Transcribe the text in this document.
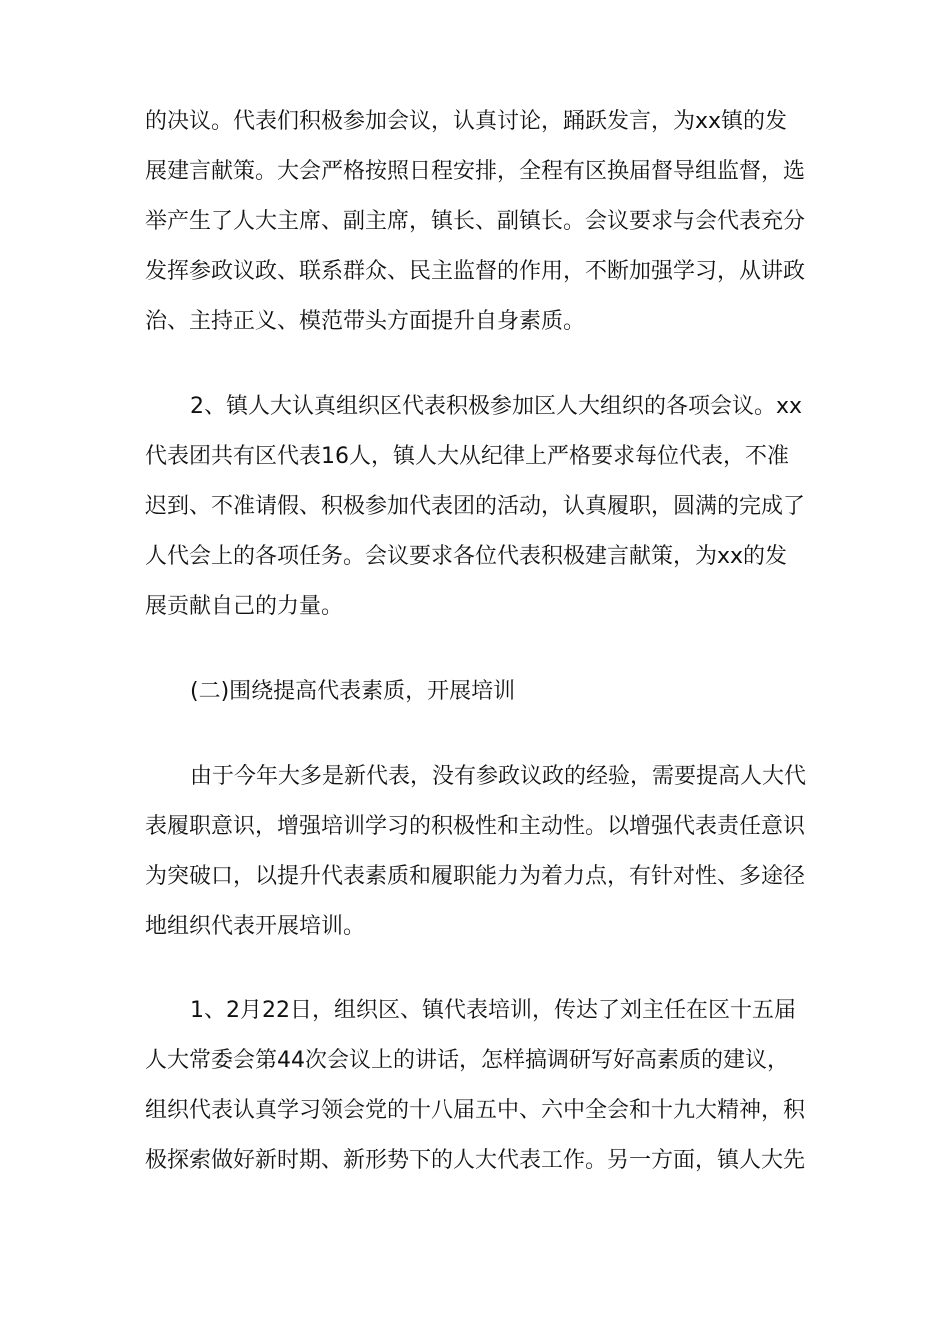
的决议。代表们积极参加会议，认真讨论，踊跃发言，为xx镇的发
展建言献策。大会严格按照日程安排，全程有区换届督导组监督，选
举产生了人大主席、副主席，镇长、副镇长。会议要求与会代表充分
发挥参政议政、联系群众、民主监督的作用，不断加强学习，从讲政
治、主持正义、模范带头方面提升自身素质。
2、镇人大认真组织区代表积极参加区人大组织的各项会议。xx
代表团共有区代表16人，镇人大从纪律上严格要求每位代表，不准
迟到、不准请假、积极参加代表团的活动，认真履职，圆满的完成了
人代会上的各项任务。会议要求各位代表积极建言献策，为xx的发
展贡献自己的力量。
(二)围绕提高代表素质，开展培训
由于今年大多是新代表，没有参政议政的经验，需要提高人大代
表履职意识，增强培训学习的积极性和主动性。以增强代表责任意识
为突破口，以提升代表素质和履职能力为着力点，有针对性、多途径
地组织代表开展培训。
1、2月22日，组织区、镇代表培训，传达了刘主任在区十五届
人大常委会第44次会议上的讲话，怎样搞调研写好高素质的建议，
组织代表认真学习领会党的十八届五中、六中全会和十九大精神，积
极探索做好新时期、新形势下的人大代表工作。另一方面，镇人大先
